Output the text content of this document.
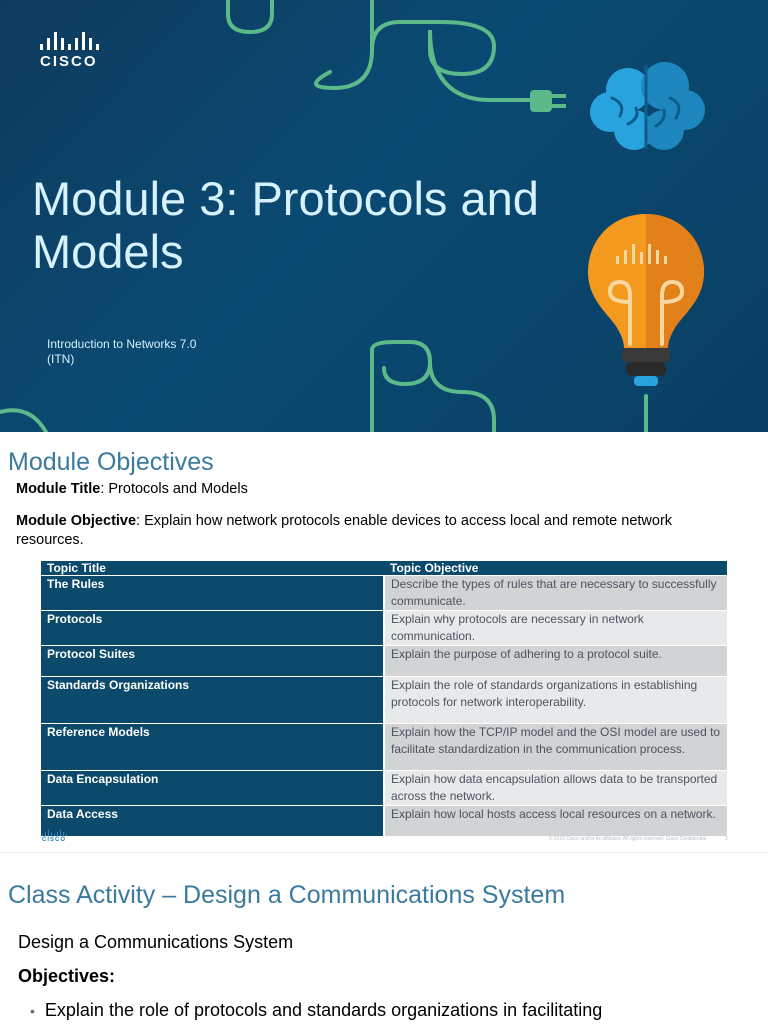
CISCO
Module 3: Protocols and Models
Introduction to Networks 7.0
(ITN)
Module Objectives
Module Title: Protocols and Models
Module Objective: Explain how network protocols enable devices to access local and remote network resources.
Topic Title	Topic Objective
The Rules	Describe the types of rules that are necessary to successfully communicate.
Protocols	Explain why protocols are necessary in network communication.
Protocol Suites	Explain the purpose of adhering to a protocol suite.
Standards Organizations	Explain the role of standards organizations in establishing protocols for network interoperability.
Reference Models	Explain how the TCP/IP model and the OSI model are used to facilitate standardization in the communication process.
Data Encapsulation	Explain how data encapsulation allows data to be transported across the network.
Data Access	Explain how local hosts access local resources on a network.
CISCO	© 2016 Cisco and/or its affiliates. All rights reserved. Cisco Confidential	2
Class Activity – Design a Communications System
Design a Communications System
Objectives:
• Explain the role of protocols and standards organizations in facilitating
